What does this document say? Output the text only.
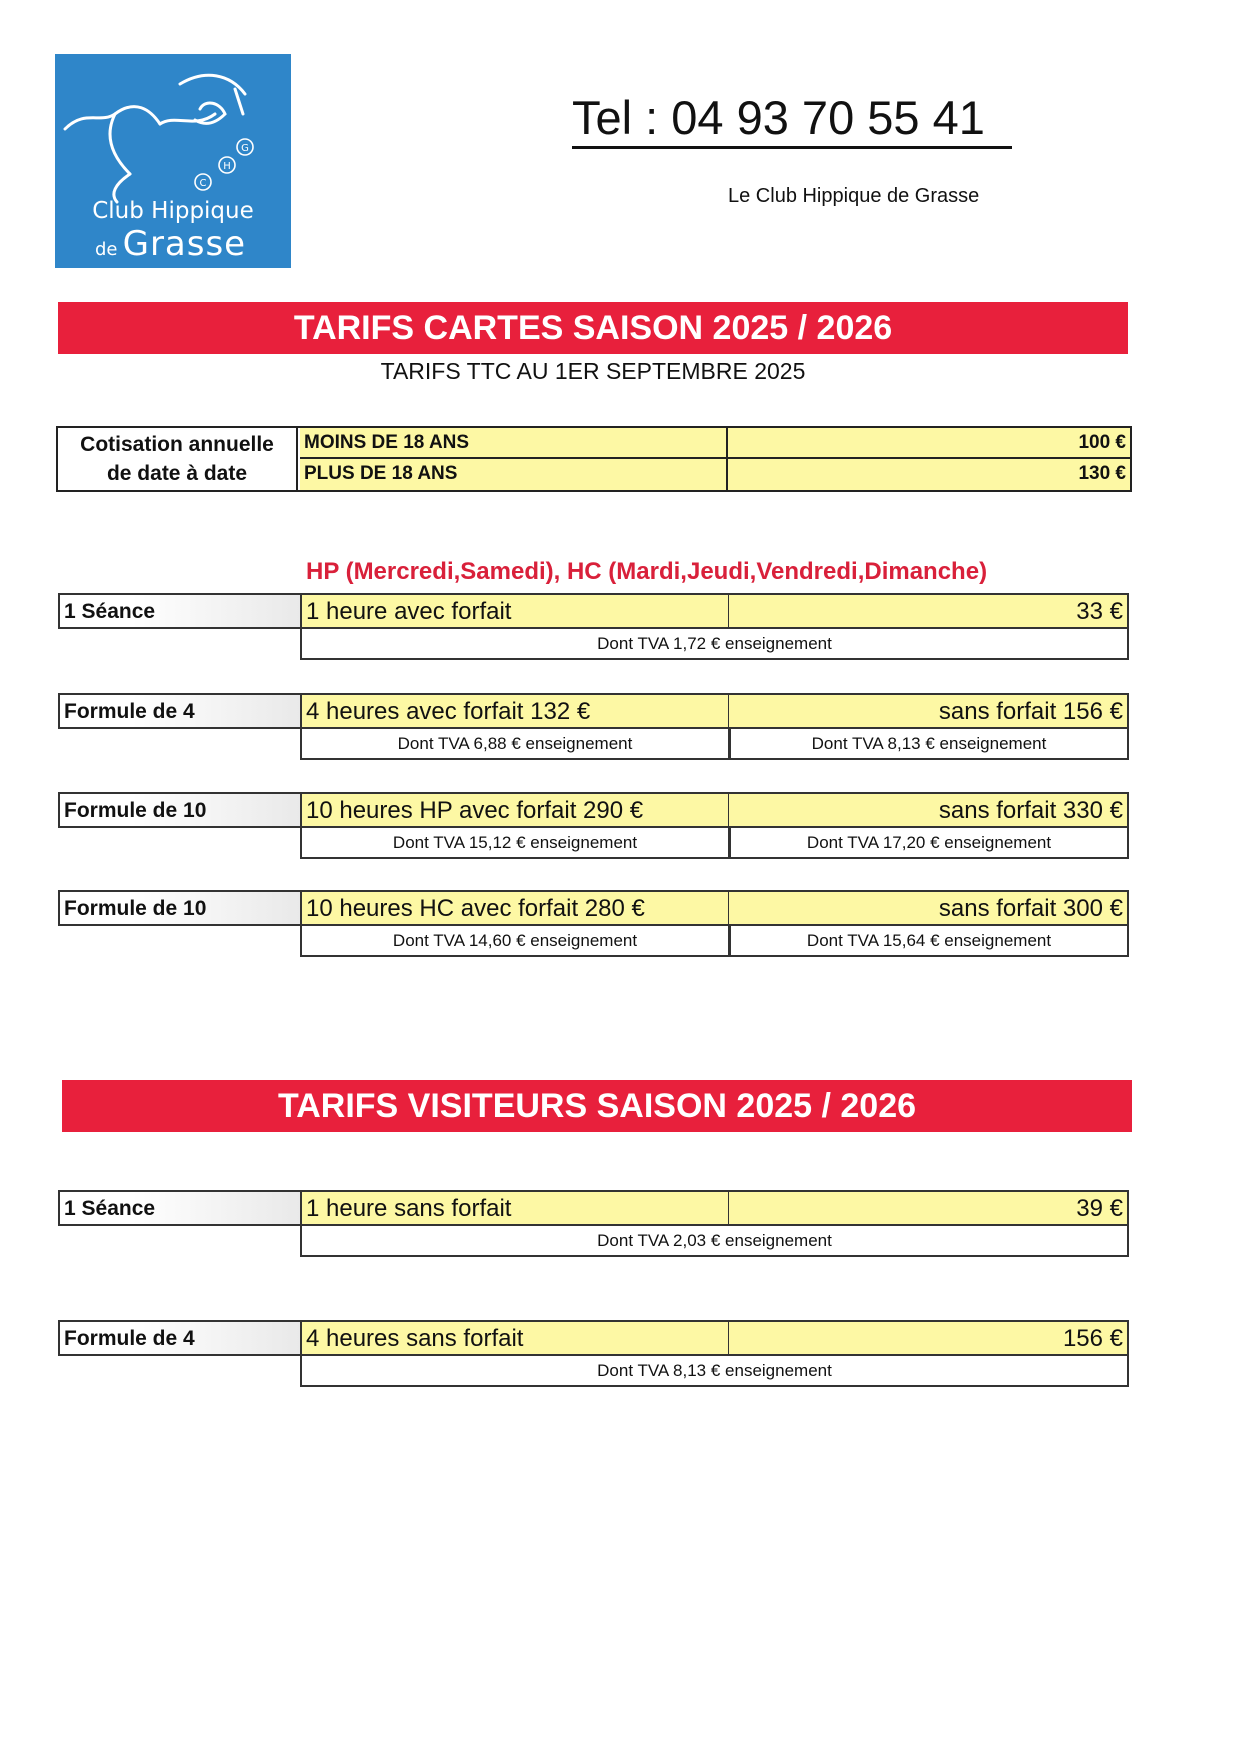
G
H
C
Club Hippique
de Grasse
Tel : 04 93 70 55 41
Le Club Hippique de Grasse
TARIFS CARTES SAISON 2025 / 2026
TARIFS TTC AU 1ER SEPTEMBRE 2025
Cotisation annuelle
de date à date
MOINS DE 18 ANS	100 €
PLUS DE 18 ANS	130 €
HP (Mercredi,Samedi), HC (Mardi,Jeudi,Vendredi,Dimanche)
1 Séance	1 heure avec forfait	33 €
Dont TVA 1,72 € enseignement
Formule de 4	4 heures avec forfait 132 €	sans forfait 156 €
Dont TVA 6,88 € enseignement	Dont TVA 8,13 € enseignement
Formule de 10	10 heures HP avec forfait 290 €	sans forfait 330 €
Dont TVA 15,12 € enseignement	Dont TVA 17,20 € enseignement
Formule de 10	10 heures HC avec forfait 280 €	sans forfait 300 €
Dont TVA 14,60 € enseignement	Dont TVA 15,64 € enseignement
TARIFS VISITEURS SAISON 2025 / 2026
1 Séance	1 heure sans forfait	39 €
Dont TVA 2,03 € enseignement
Formule de 4	4 heures sans forfait	156 €
Dont TVA 8,13 € enseignement
